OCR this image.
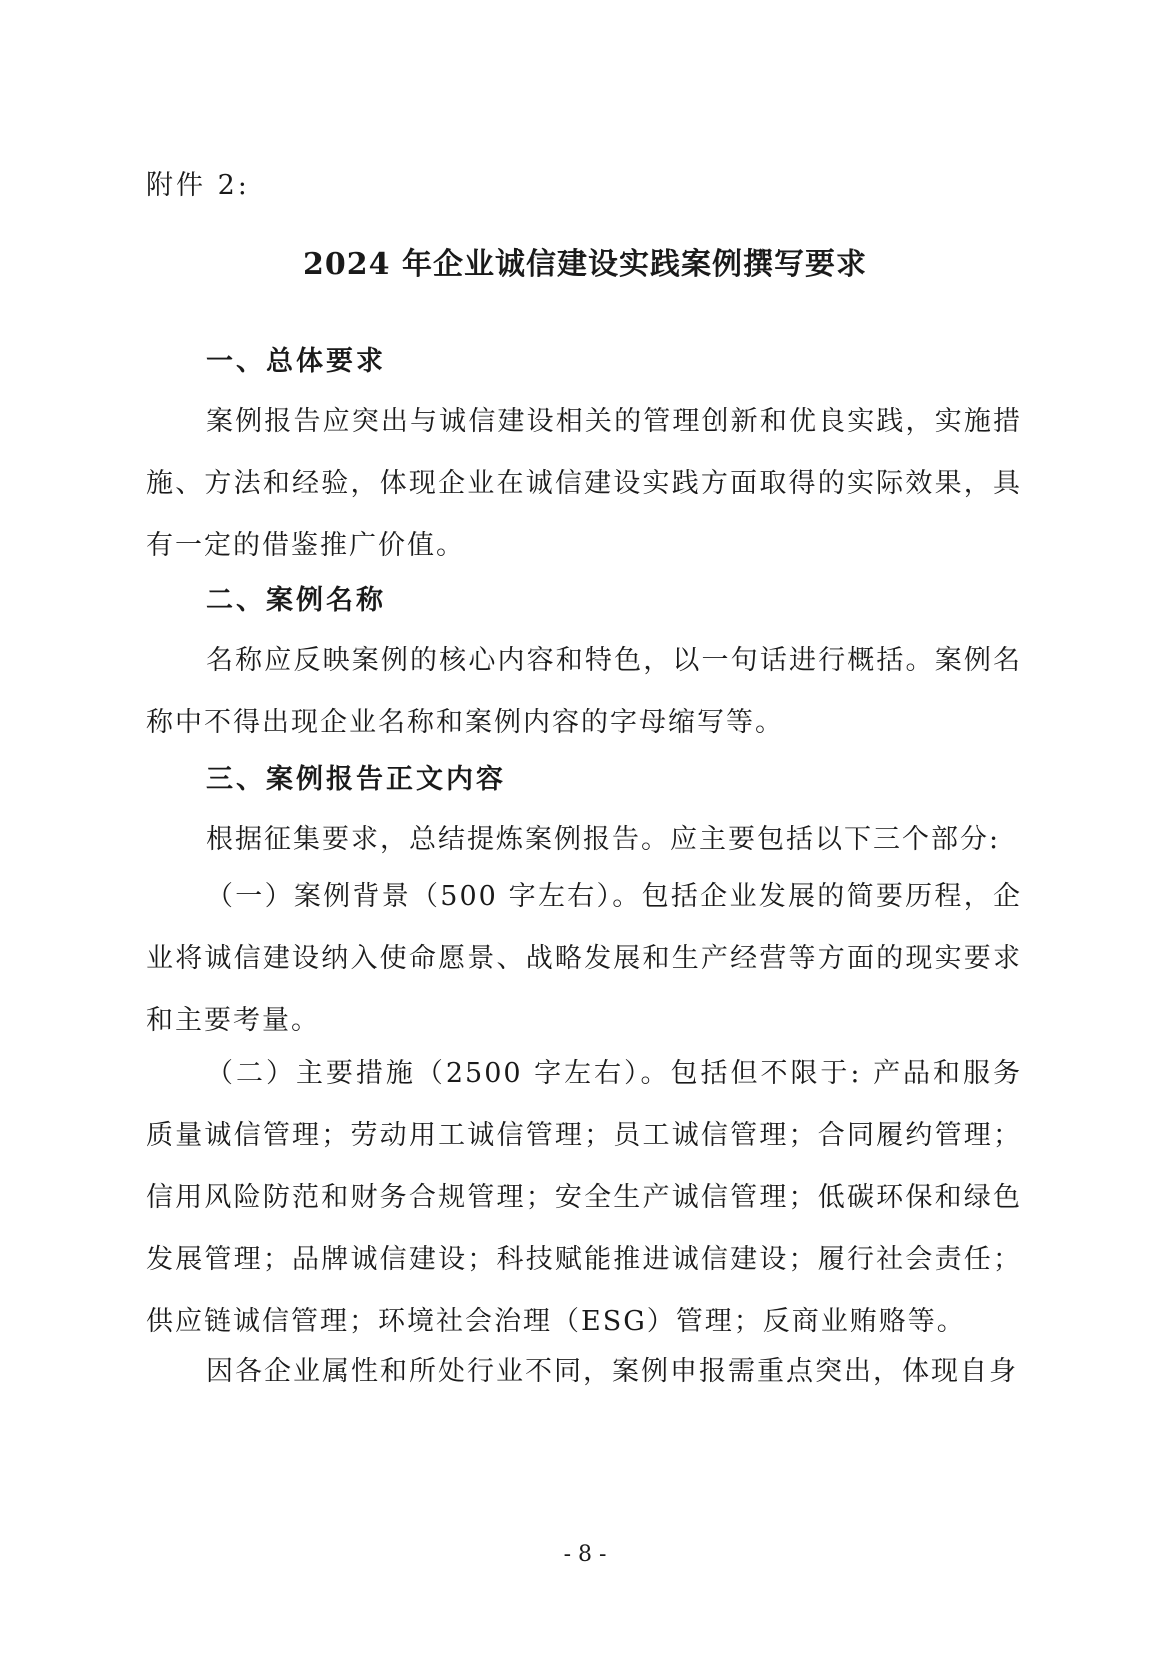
附件 2:
2024 年企业诚信建设实践案例撰写要求
一、总体要求
案例报告应突出与诚信建设相关的管理创新和优良实践，实施措施、方法和经验，体现企业在诚信建设实践方面取得的实际效果，具有一定的借鉴推广价值。
二、案例名称
名称应反映案例的核心内容和特色，以一句话进行概括。案例名称中不得出现企业名称和案例内容的字母缩写等。
三、案例报告正文内容
根据征集要求，总结提炼案例报告。应主要包括以下三个部分:
（一）案例背景（500 字左右）。包括企业发展的简要历程，企业将诚信建设纳入使命愿景、战略发展和生产经营等方面的现实要求和主要考量。
（二）主要措施（2500 字左右）。包括但不限于: 产品和服务质量诚信管理；劳动用工诚信管理；员工诚信管理；合同履约管理；信用风险防范和财务合规管理；安全生产诚信管理；低碳环保和绿色发展管理；品牌诚信建设；科技赋能推进诚信建设；履行社会责任；供应链诚信管理；环境社会治理（ESG）管理；反商业贿赂等。
因各企业属性和所处行业不同，案例申报需重点突出，体现自身
- 8 -
